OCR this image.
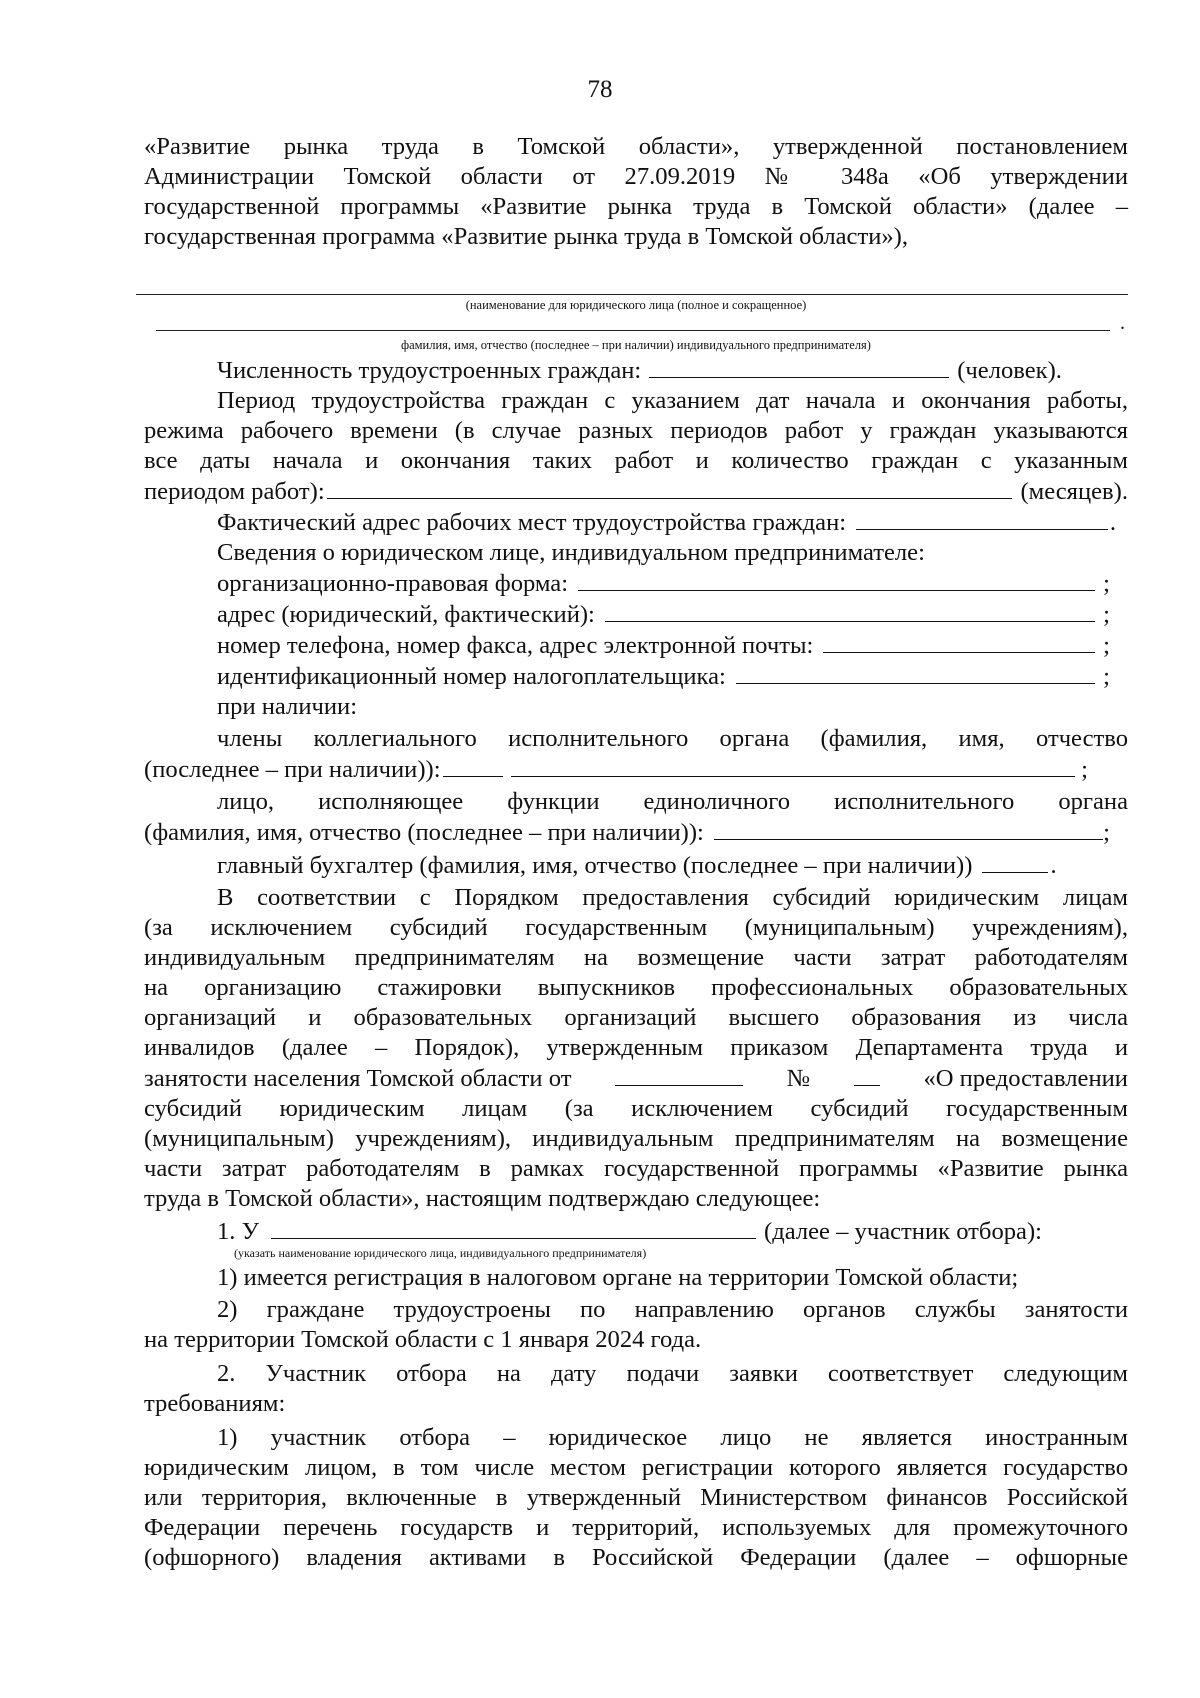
78

«Развитие рынка труда в Томской области», утвержденной постановлением

Администрации Томской области от 27.09.2019 № 348а «Об утверждении

государственной программы «Развитие рынка труда в Томской области» (далее –

государственная программа «Развитие рынка труда в Томской области»),

(наименование для юридического лица (полное и сокращенное)

.

фамилия, имя, отчество (последнее – при наличии) индивидуального предпринимателя)

Численность трудоустроенных граждан:	(человек).

Период трудоустройства граждан с указанием дат начала и окончания работы,

режима рабочего времени (в случае разных периодов работ у граждан указываются

все даты начала и окончания таких работ и количество граждан с указанным

периодом работ):	(месяцев).

Фактический адрес рабочих мест трудоустройства граждан:	.

Сведения о юридическом лице, индивидуальном предпринимателе:

организационно-правовая форма:	;

адрес (юридический, фактический):	;

номер телефона, номер факса, адрес электронной почты:	;

идентификационный номер налогоплательщика:	;

при наличии:

члены коллегиального исполнительного органа (фамилия, имя, отчество

(последнее – при наличии)):	;

лицо, исполняющее функции единоличного исполнительного органа

(фамилия, имя, отчество (последнее – при наличии)):	;

главный бухгалтер (фамилия, имя, отчество (последнее – при наличии))	.

В соответствии с Порядком предоставления субсидий юридическим лицам

(за исключением субсидий государственным (муниципальным) учреждениям),

индивидуальным предпринимателям на возмещение части затрат работодателям

на организацию стажировки выпускников профессиональных образовательных

организаций и образовательных организаций высшего образования из числа

инвалидов (далее – Порядок), утвержденным приказом Департамента труда и

занятости населения Томской области от	№	«О предоставлении

субсидий юридическим лицам (за исключением субсидий государственным

(муниципальным) учреждениям), индивидуальным предпринимателям на возмещение

части затрат работодателям в рамках государственной программы «Развитие рынка

труда в Томской области», настоящим подтверждаю следующее:

1. У	(далее – участник отбора):

(указать наименование юридического лица, индивидуального предпринимателя)

1) имеется регистрация в налоговом органе на территории Томской области;

2) граждане трудоустроены по направлению органов службы занятости

на территории Томской области с 1 января 2024 года.

2. Участник отбора на дату подачи заявки соответствует следующим

требованиям:

1) участник отбора – юридическое лицо не является иностранным

юридическим лицом, в том числе местом регистрации которого является государство

или территория, включенные в утвержденный Министерством финансов Российской

Федерации перечень государств и территорий, используемых для промежуточного

(офшорного) владения активами в Российской Федерации (далее – офшорные
